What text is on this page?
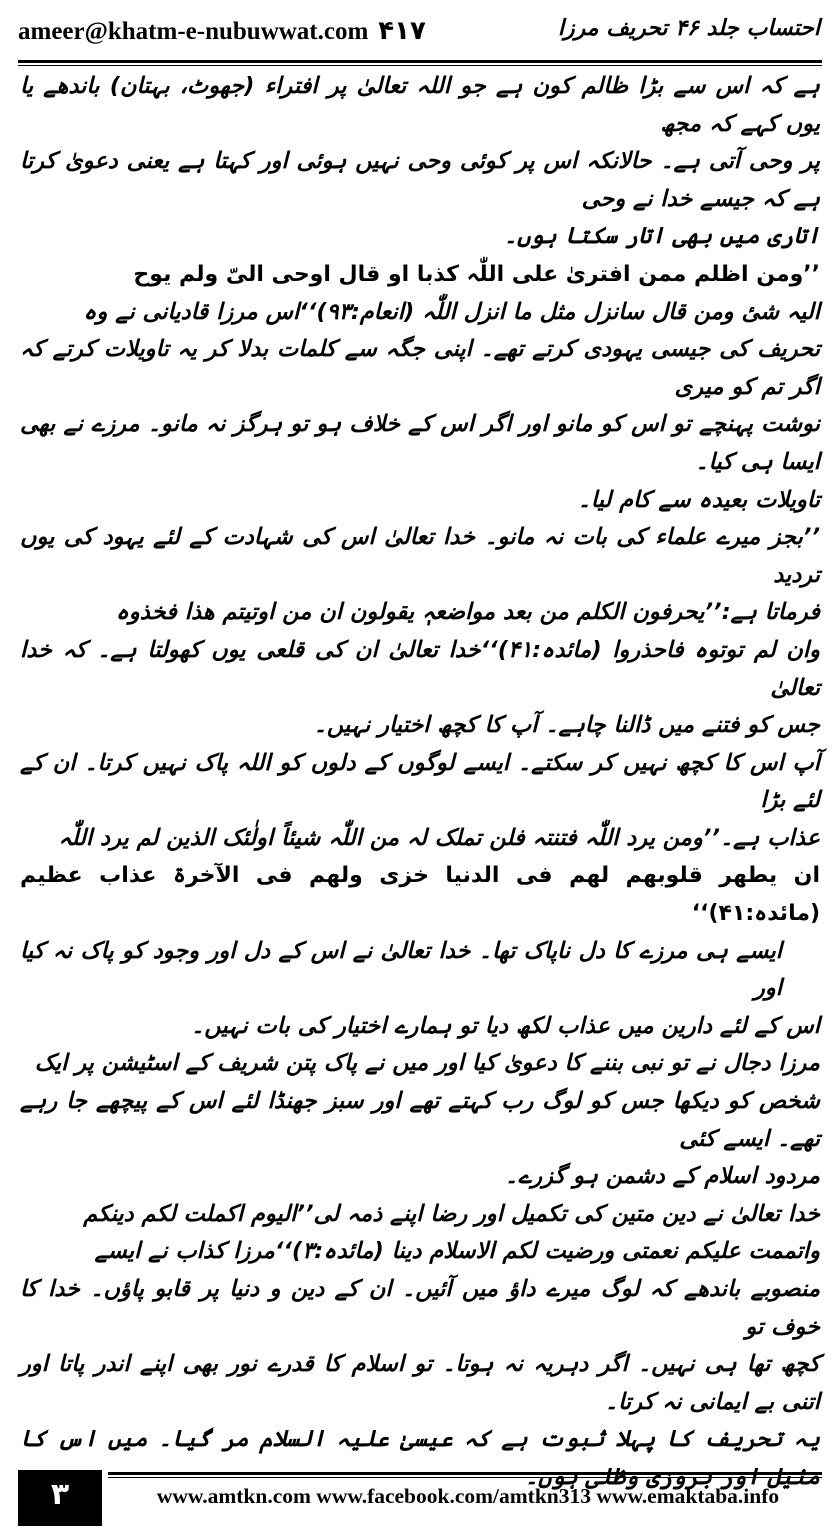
ameer@khatm-e-nubuwwat.com ۴۱۷	احتساب جلد ۴۶ تحریف مرزا

ہے کہ اس سے بڑا ظالم کون ہے جو اللہ تعالیٰ پر افتراء (جھوٹ، بہتان) باندھے یا یوں کہے کہ مجھ

پر وحی آتی ہے۔ حالانکہ اس پر کوئی وحی نہیں ہوئی اور کہتا ہے یعنی دعویٰ کرتا ہے کہ جیسے خدا نے وحی

اتاری میں بھی اتار سکتا ہوں۔

’’ومن اظلم ممن افتریٰ علی اللّٰہ کذبا او قال اوحی الیّ ولم یوح

الیہ شیٔ ومن قال سانزل مثل ما انزل اللّٰہ (انعام:۹۳)‘‘اس مرزا قادیانی نے وہ

تحریف کی جیسی یہودی کرتے تھے۔ اپنی جگہ سے کلمات بدلا کر یہ تاویلات کرتے کہ اگر تم کو میری

نوشت پہنچے تو اس کو مانو اور اگر اس کے خلاف ہو تو ہرگز نہ مانو۔ مرزے نے بھی ایسا ہی کیا۔

تاویلات بعیدہ سے کام لیا۔

’’بجز میرے علماء کی بات نہ مانو۔ خدا تعالیٰ اس کی شہادت کے لئے یہود کی یوں تردید

فرماتا ہے:’’یحرفون الکلم من بعد مواضعہٖ یقولون ان من اوتیتم ھذا فخذوہ

وان لم توتوہ فاحذروا (مائدہ:۴۱)‘‘خدا تعالیٰ ان کی قلعی یوں کھولتا ہے۔ کہ خدا تعالیٰ

جس کو فتنے میں ڈالنا چاہے۔ آپ کا کچھ اختیار نہیں۔

آپ اس کا کچھ نہیں کر سکتے۔ ایسے لوگوں کے دلوں کو اللہ پاک نہیں کرتا۔ ان کے لئے بڑا

عذاب ہے۔’’ومن یرد اللّٰہ فتنتہ فلن تملک لہ من اللّٰہ شیئاً اولٰئک الذین لم یرد اللّٰہ

ان یطھر قلوبھم لھم فی الدنیا خزی ولھم فی الآخرۃ عذاب عظیم (مائدہ:۴۱)‘‘

ایسے ہی مرزے کا دل ناپاک تھا۔ خدا تعالیٰ نے اس کے دل اور وجود کو پاک نہ کیا اور

اس کے لئے دارین میں عذاب لکھ دیا تو ہمارے اختیار کی بات نہیں۔

مرزا دجال نے تو نبی بننے کا دعویٰ کیا اور میں نے پاک پتن شریف کے اسٹیشن پر ایک

شخص کو دیکھا جس کو لوگ رب کہتے تھے اور سبز جھنڈا لئے اس کے پیچھے جا رہے تھے۔ ایسے کئی

مردود اسلام کے دشمن ہو گزرے۔

خدا تعالیٰ نے دین متین کی تکمیل اور رضا اپنے ذمہ لی’’الیوم اکملت لکم دینکم

واتممت علیکم نعمتی ورضیت لکم الاسلام دینا (مائدہ:۳)‘‘مرزا کذاب نے ایسے

منصوبے باندھے کہ لوگ میرے داؤ میں آئیں۔ ان کے دین و دنیا پر قابو پاؤں۔ خدا کا خوف تو

کچھ تھا ہی نہیں۔ اگر دہریہ نہ ہوتا۔ تو اسلام کا قدرے نور بھی اپنے اندر پاتا اور اتنی بے ایمانی نہ کرتا۔

یہ تحریف کا پہلا ثبوت ہے کہ عیسیٰ علیہ السلام مر گیا۔ میں اس کا مثیل اور بروزی وظلی ہوں۔

۳	www.amtkn.com www.facebook.com/amtkn313 www.emaktaba.info
